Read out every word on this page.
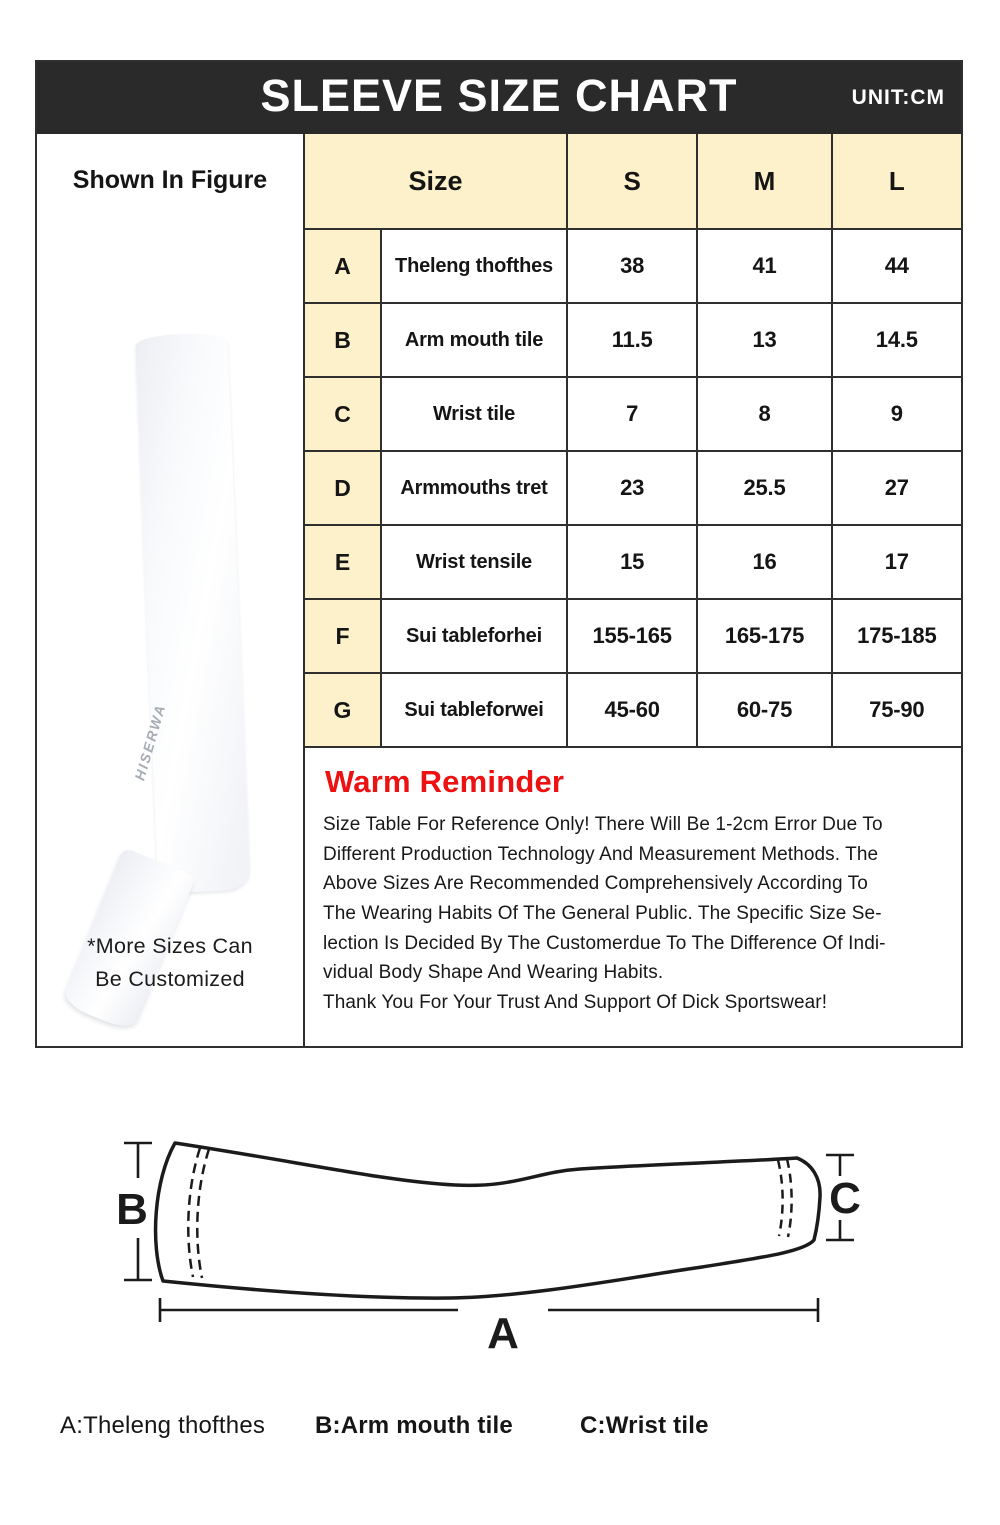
SLEEVE SIZE CHART	UNIT:CM
Shown In Figure
HISERWA
*More Sizes Can
Be Customized
Size	S	M	L
A	Theleng thofthes	38	41	44
B	Arm mouth tile	11.5	13	14.5
C	Wrist tile	7	8	9
D	Armmouths tret	23	25.5	27
E	Wrist tensile	15	16	17
F	Sui tableforhei	155-165	165-175	175-185
G	Sui tableforwei	45-60	60-75	75-90
Warm Reminder
Size Table For Reference Only! There Will Be 1-2cm Error Due To
Different Production Technology And Measurement Methods. The
Above Sizes Are Recommended Comprehensively According To
The Wearing Habits Of The General Public. The Specific Size Se-
lection Is Decided By The Customerdue To The Difference Of Indi-
vidual Body Shape And Wearing Habits.
Thank You For Your Trust And Support Of Dick Sportswear!
B	C
A
A:Theleng thofthes B:Arm mouth tile	C:Wrist tile
